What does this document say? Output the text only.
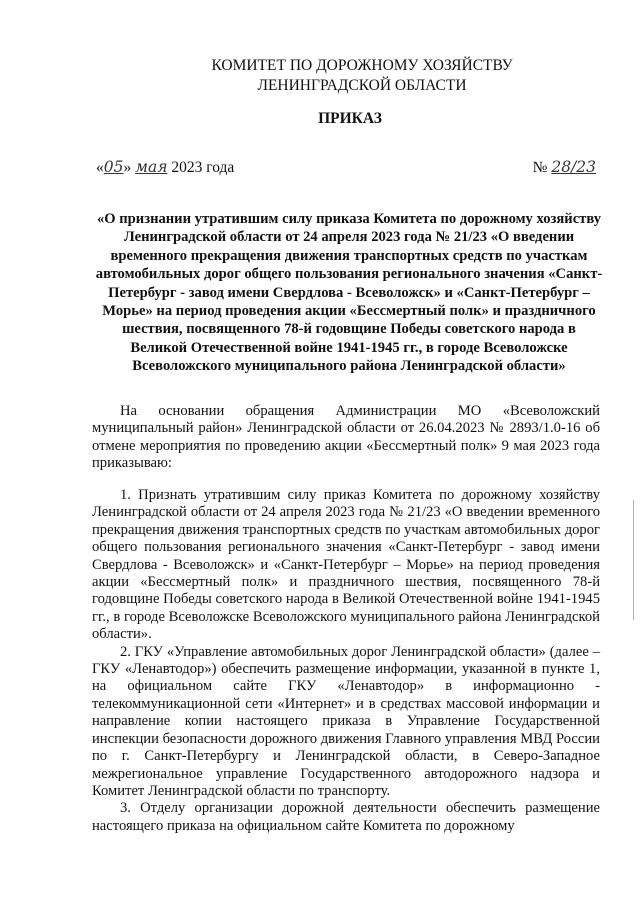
КОМИТЕТ ПО ДОРОЖНОМУ ХОЗЯЙСТВУ
ЛЕНИНГРАДСКОЙ ОБЛАСТИ
ПРИКАЗ
«05» мая 2023 года	№ 28/23
«О признании утратившим силу приказа Комитета по дорожному хозяйству Ленинградской области от 24 апреля 2023 года № 21/23 «О введении временного прекращения движения транспортных средств по участкам автомобильных дорог общего пользования регионального значения «Санкт-Петербург - завод имени Свердлова - Всеволожск» и «Санкт-Петербург – Морье» на период проведения акции «Бессмертный полк» и праздничного шествия, посвященного 78-й годовщине Победы советского народа в Великой Отечественной войне 1941-1945 гг., в городе Всеволожске Всеволожского муниципального района Ленинградской области»

На основании обращения Администрации МО «Всеволожский муниципальный район» Ленинградской области от 26.04.2023 № 2893/1.0-16 об отмене мероприятия по проведению акции «Бессмертный полк» 9 мая 2023 года приказываю:

1. Признать утратившим силу приказ Комитета по дорожному хозяйству Ленинградской области от 24 апреля 2023 года № 21/23 «О введении временного прекращения движения транспортных средств по участкам автомобильных дорог общего пользования регионального значения «Санкт-Петербург - завод имени Свердлова - Всеволожск» и «Санкт-Петербург – Морье» на период проведения акции «Бессмертный полк» и праздничного шествия, посвященного 78-й годовщине Победы советского народа в Великой Отечественной войне 1941-1945 гг., в городе Всеволожске Всеволожского муниципального района Ленинградской области».

2. ГКУ «Управление автомобильных дорог Ленинградской области» (далее – ГКУ «Ленавтодор») обеспечить размещение информации, указанной в пункте 1, на официальном сайте ГКУ «Ленавтодор» в информационно - телекоммуникационной сети «Интернет» и в средствах массовой информации и направление копии настоящего приказа в Управление Государственной инспекции безопасности дорожного движения Главного управления МВД России по г. Санкт-Петербургу и Ленинградской области, в Северо-Западное межрегиональное управление Государственного автодорожного надзора и Комитет Ленинградской области по транспорту.

3. Отделу организации дорожной деятельности обеспечить размещение настоящего приказа на официальном сайте Комитета по дорожному
